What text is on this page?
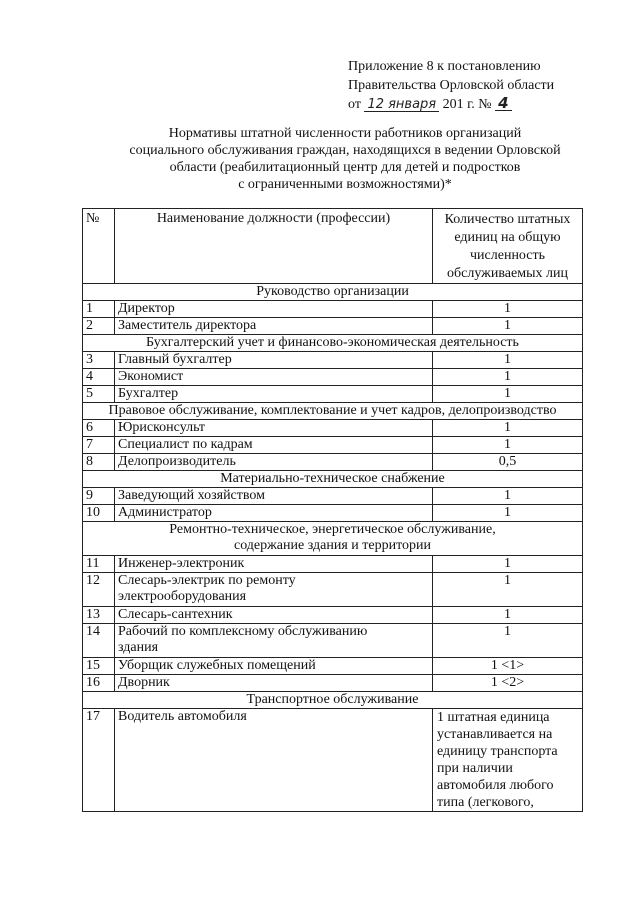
Приложение 8 к постановлению
Правительства Орловской области
от 12 января 201 г. № 4
Нормативы штатной численности работников организаций
социального обслуживания граждан, находящихся в ведении Орловской
области (реабилитационный центр для детей и подростков
с ограниченными возможностями)*
№	Наименование должности (профессии)	Количество штатных единиц на общую численность обслуживаемых лиц
Руководство организации		
1	Директор	1
2	Заместитель директора	1
Бухгалтерский учет и финансово-экономическая деятельность		
3	Главный бухгалтер	1
4	Экономист	1
5	Бухгалтер	1
Правовое обслуживание, комплектование и учет кадров, делопроизводство		
6	Юрисконсульт	1
7	Специалист по кадрам	1
8	Делопроизводитель	0,5
Материально-техническое снабжение		
9	Заведующий хозяйством	1
10	Администратор	1
Ремонтно-техническое, энергетическое обслуживание, содержание здания и территории		
11	Инженер-электроник	1
12	Слесарь-электрик по ремонту электрооборудования	1
13	Слесарь-сантехник	1
14	Рабочий по комплексному обслуживанию здания	1
15	Уборщик служебных помещений	1 <1>
16	Дворник	1 <2>
Транспортное обслуживание		
17	Водитель автомобиля	1 штатная единица устанавливается на единицу транспорта при наличии автомобиля любого типа (легкового,
